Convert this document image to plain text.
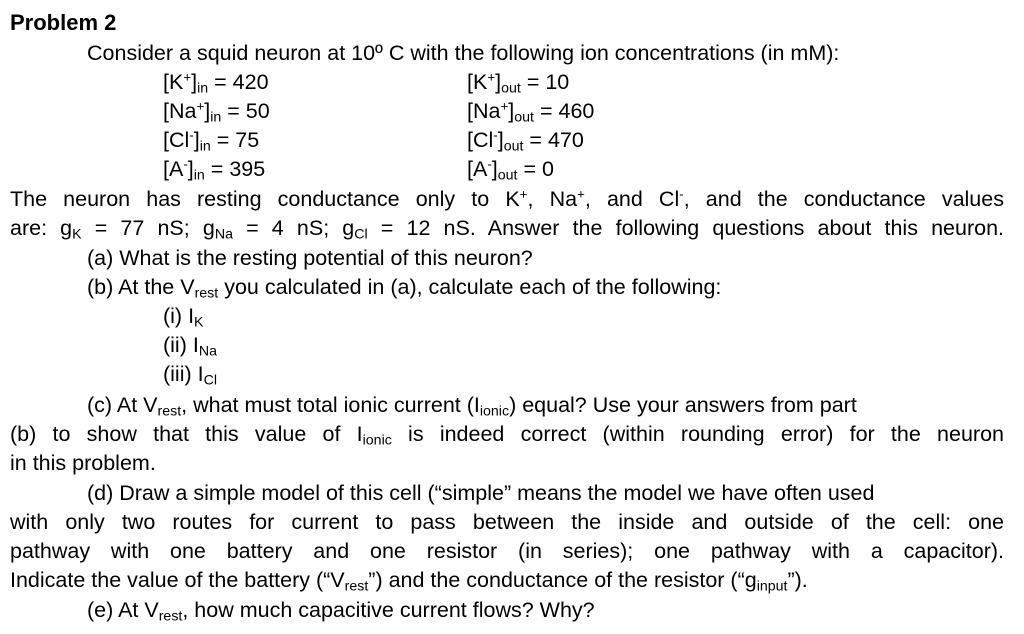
Problem 2
Consider a squid neuron at 10º C with the following ion concentrations (in mM):
$[K^+]_{in} = 420$
$[Na^+]_{in} = 50$
$[Cl^-]_{in} = 75$
$[A^-]_{in} = 395$
$[K^+]_{out} = 10$
$[Na^+]_{out} = 460$
$[Cl^-]_{out} = 470$
$[A^-]_{out} = 0$
The neuron has resting conductance only to K+, Na+, and Cl-, and the conductance values
are: $g_K = 77$ nS; $g_{Na} = 4$ nS; $g_{Cl} = 12$ nS. Answer the following questions about this neuron.
(a) What is the resting potential of this neuron?
(b) At the $V_{rest}$ you calculated in (a), calculate each of the following:
(i) $I_K$
(ii) $I_{Na}$
(iii) $I_{Cl}$
(c) At $V_{rest}$, what must total ionic current $(I_{ionic})$ equal? Use your answers from part
(b) to show that this value of $I_{ionic}$ is indeed correct (within rounding error) for the neuron
in this problem.
(d) Draw a simple model of this cell (“simple” means the model we have often used
with only two routes for current to pass between the inside and outside of the cell: one
pathway with one battery and one resistor (in series); one pathway with a capacitor).
Indicate the value of the battery $(“V_{rest}”)$ and the conductance of the resistor $(“g_{input}”)$.
(e) At $V_{rest}$, how much capacitive current flows? Why?
